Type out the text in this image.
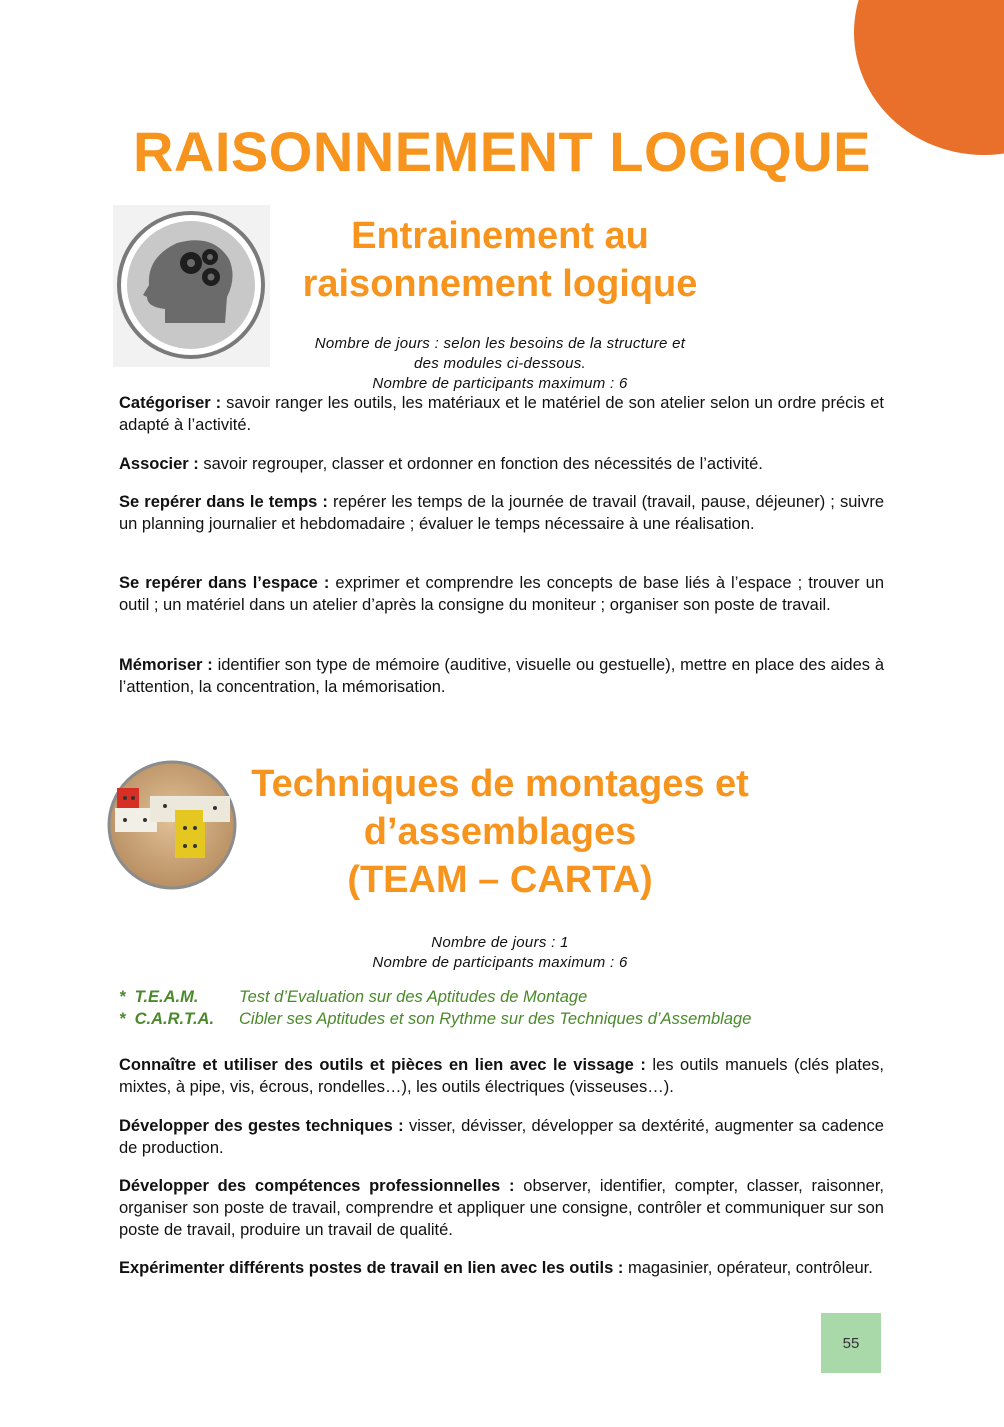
RAISONNEMENT LOGIQUE
Entrainement au raisonnement logique
Nombre de jours : selon les besoins de la structure et
des modules ci-dessous.
Nombre de participants maximum : 6

Catégoriser : savoir ranger les outils, les matériaux et le matériel de son atelier selon un ordre précis et adapté à l’activité.

Associer : savoir regrouper, classer et ordonner en fonction des nécessités de l’activité.

Se repérer dans le temps : repérer les temps de la journée de travail (travail, pause, déjeuner) ; suivre un planning journalier et hebdomadaire ; évaluer le temps nécessaire à une réalisation.

Se repérer dans l’espace : exprimer et comprendre les concepts de base liés à l’espace ; trouver un outil ; un matériel dans un atelier d’après la consigne du moniteur ; organiser son poste de travail.

Mémoriser : identifier son type de mémoire (auditive, visuelle ou gestuelle), mettre en place des aides à l’attention, la concentration, la mémorisation.

Techniques de montages et
d’assemblages
(TEAM – CARTA)
Nombre de jours : 1
Nombre de participants maximum : 6
*  T.E.A.M.	Test d’Evaluation sur des Aptitudes de Montage
*  C.A.R.T.A.	Cibler ses Aptitudes et son Rythme sur des Techniques d’Assemblage

Connaître et utiliser des outils et pièces en lien avec le vissage : les outils manuels (clés plates, mixtes, à pipe, vis, écrous, rondelles…), les outils électriques (visseuses…).

Développer des gestes techniques : visser, dévisser, développer sa dextérité, augmenter sa cadence de production.

Développer des compétences professionnelles : observer, identifier, compter, classer, raisonner, organiser son poste de travail, comprendre et appliquer une consigne, contrôler et communiquer sur son poste de travail, produire un travail de qualité.

Expérimenter différents postes de travail en lien avec les outils : magasinier, opérateur, contrôleur.

55
